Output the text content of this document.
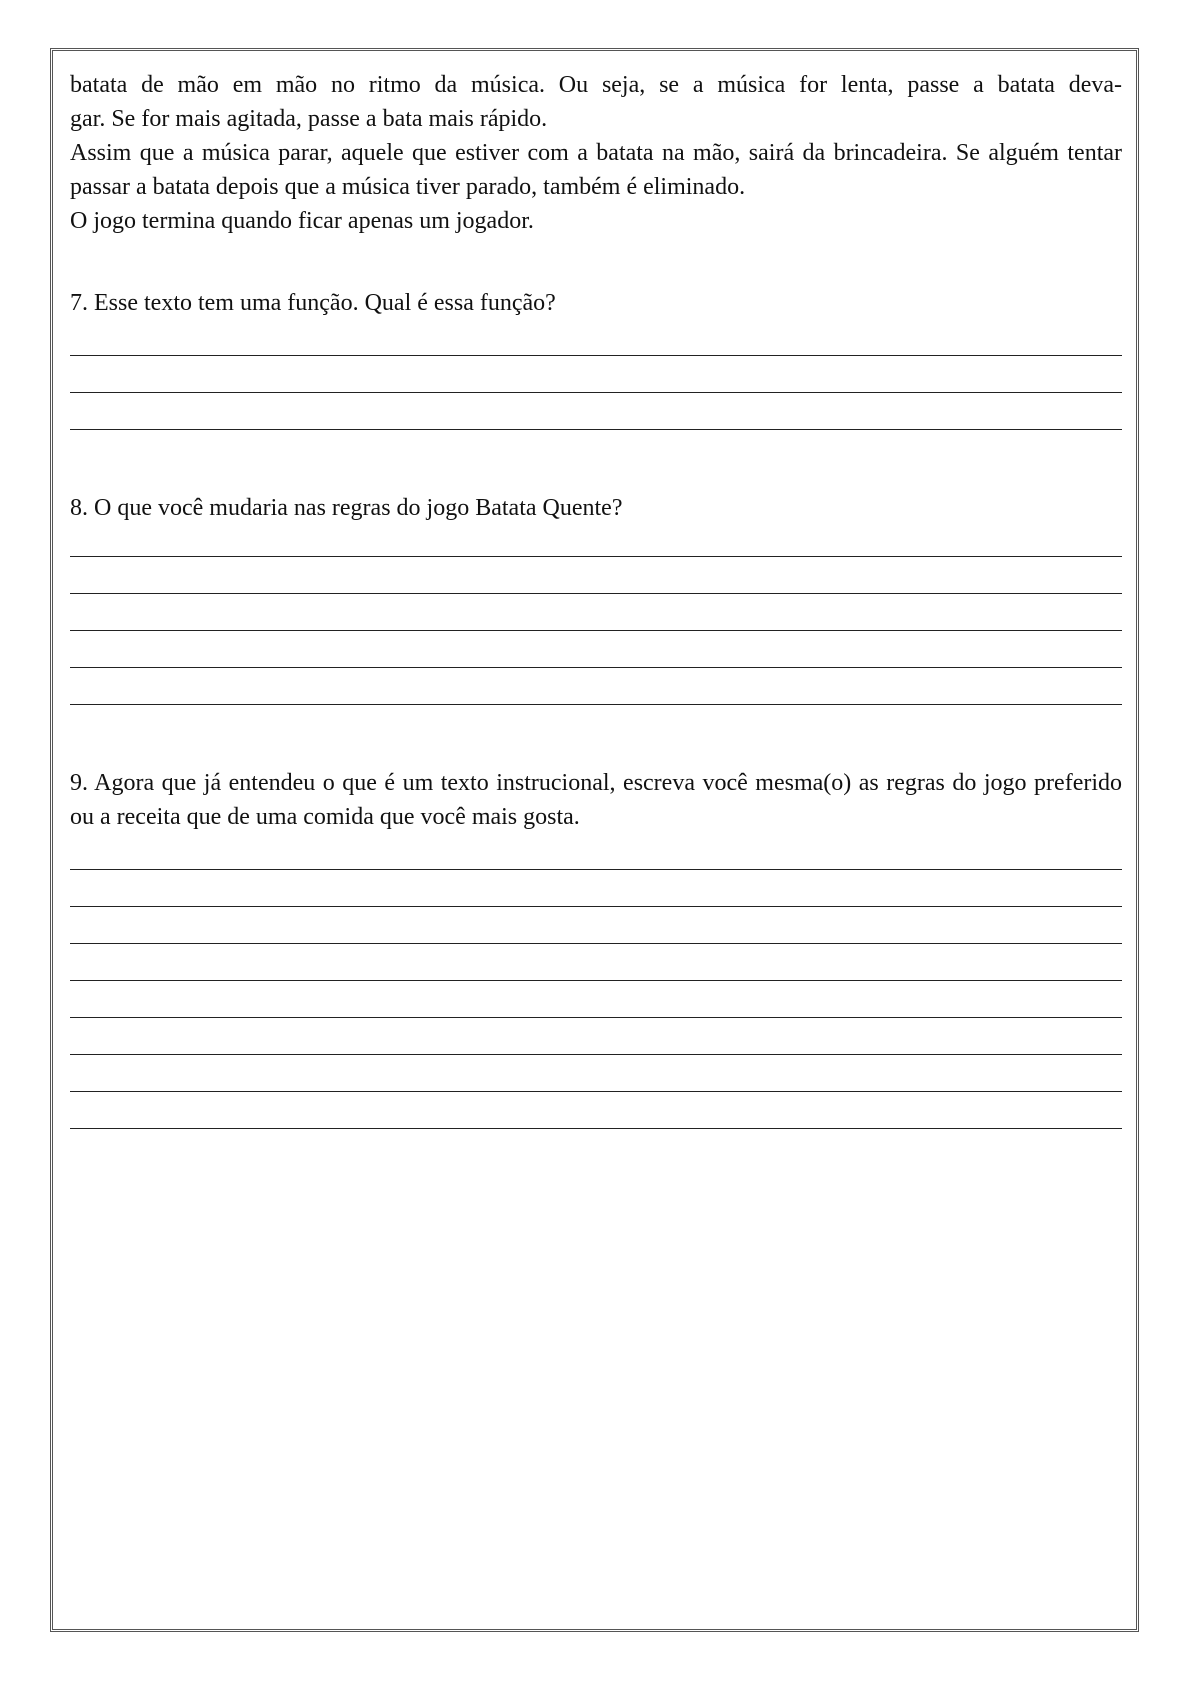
batata de mão em mão no ritmo da música. Ou seja, se a música for lenta, passe a batata deva-

gar. Se for mais agitada, passe a bata mais rápido.

Assim que a música parar, aquele que estiver com a batata na mão, sairá da brincadeira. Se alguém tentar passar a batata depois que a música tiver parado, também é eliminado.

O jogo termina quando ficar apenas um jogador.

7. Esse texto tem uma função. Qual é essa função?

8. O que você mudaria nas regras do jogo Batata Quente?

9. Agora que já entendeu o que é um texto instrucional, escreva você mesma(o) as regras do jogo preferido ou a receita que de uma comida que você mais gosta.
